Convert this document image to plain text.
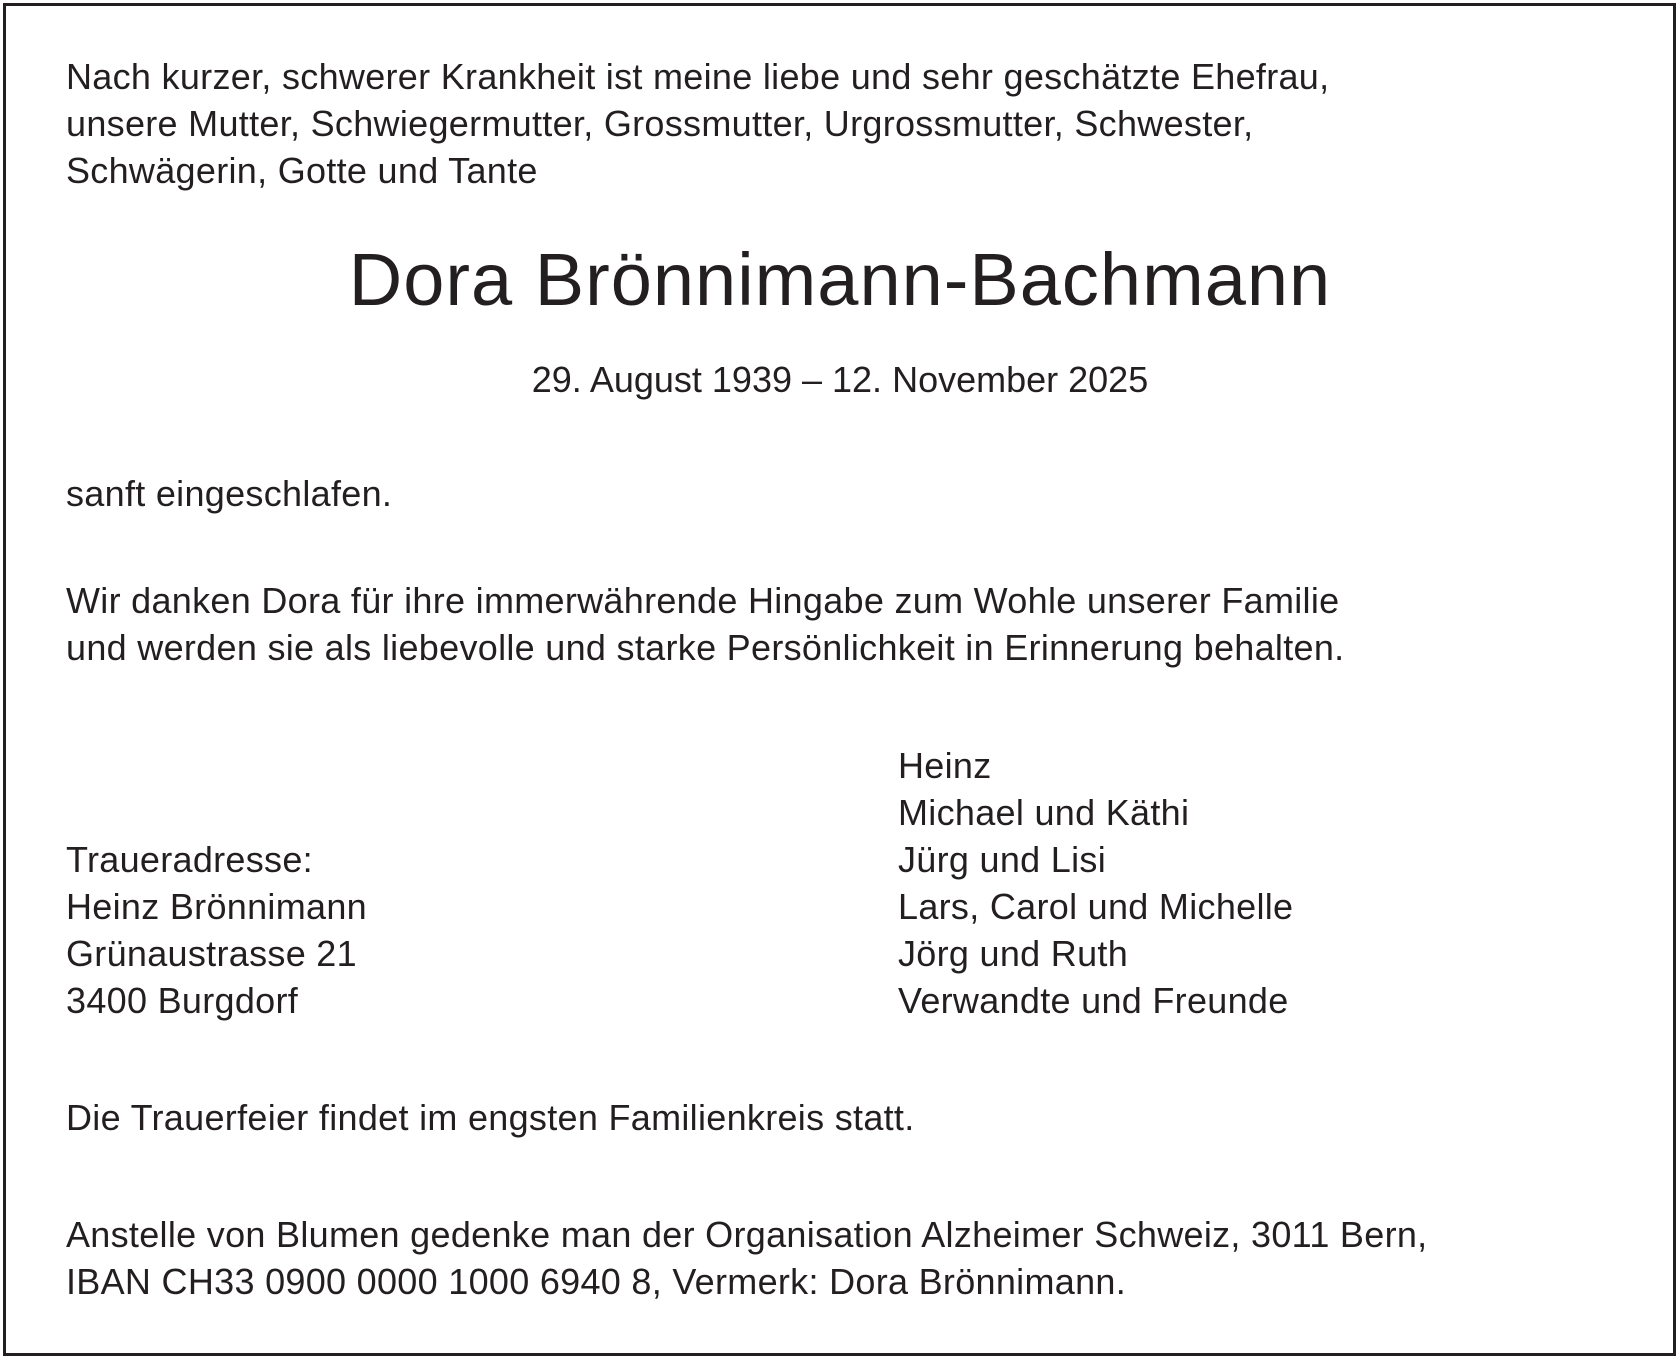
Nach kurzer, schwerer Krankheit ist meine liebe und sehr geschätzte Ehefrau,
unsere Mutter, Schwiegermutter, Grossmutter, Urgrossmutter, Schwester,
Schwägerin, Gotte und Tante
Dora Brönnimann-Bachmann
29. August 1939 – 12. November 2025
sanft eingeschlafen.
Wir danken Dora für ihre immerwährende Hingabe zum Wohle unserer Familie
und werden sie als liebevolle und starke Persönlichkeit in Erinnerung behalten.
Heinz
Michael und Käthi
Jürg und Lisi
Lars, Carol und Michelle
Jörg und Ruth
Verwandte und Freunde
Traueradresse:
Heinz Brönnimann
Grünaustrasse 21
3400 Burgdorf
Die Trauerfeier findet im engsten Familienkreis statt.
Anstelle von Blumen gedenke man der Organisation Alzheimer Schweiz, 3011 Bern,
IBAN CH33 0900 0000 1000 6940 8, Vermerk: Dora Brönnimann.
